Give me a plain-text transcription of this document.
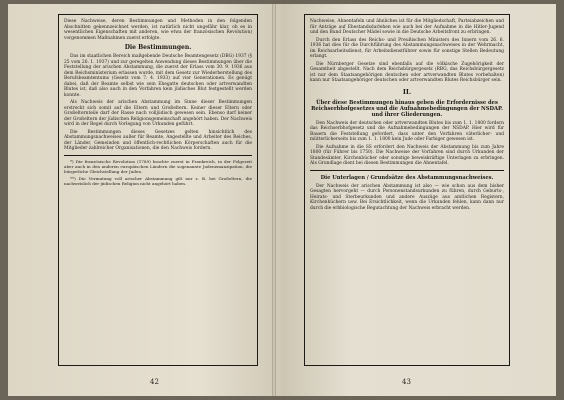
Diese Nachweise, deren Bestimmungen und Methoden in den folgenden Abschnitten gekennzeichnet werden, ist natürlich nicht ungefähr klar, ob es in wesentlichen Eigenschaften mit anderen, wie etwa der französischen Revolution) vorgenommen Maßnahmen zuerst erfolgte.

Die Bestimmungen.

Das im staatlichen Bereich maßgebende Deutsche Beamtengesetz (DBG) 1937 (§ 25 vom 26. 1. 1937) und zur geregelten Anwendung dieses Bestimmungen über die Feststellung der arischen Abstammung, die zuerst der Erlass vom 30. 9. 1936 aus dem Reichsministerium erlassen wurde, mit dem Gesetz zur Wiederherstellung des Berufsbeamtentums (Gesetz vom 7. 4. 1933) auf vier Generationen. Es genügt dabei, daß der Beamte selbst wie sein Ehegatte deutschen oder artverwandten Blutes ist, daß also auch in den Vorfahren kein jüdisches Blut festgestellt werden konnte.

Als Nachweis der arischen Abstammung im Sinne dieser Bestimmungen erstreckt sich somit auf die Eltern und Großeltern. Keiner dieser Eltern oder Großelternteile darf der Rasse nach volljüdisch gewesen sein. Ebenso darf keiner der Großeltern der jüdischen Religionsgemeinschaft angehört haben. Der Nachweis wird in der Regel durch Vorlegung von Urkunden geführt.

Die Bestimmungen dieses Gesetzes gelten hinsichtlich des Abstammungsnachweises außer für Beamte, Angestellte und Arbeiter des Reiches, der Länder, Gemeinden und öffentlich-rechtlichen Körperschaften auch für die Mitglieder zahlreicher Organisationen, die den Nachweis fordern.

*) Die französische Revolution (1789) brachte zuerst in Frankreich, in der Folgezeit aber auch in den anderen europäischen Ländern die sogenannte Judenemanzipation, die bürgerliche Gleichstellung der Juden.

**) Die Vermutung voll arischer Abstammung gilt nur z. B. bei Großeltern, die nachweislich der jüdischen Religion nicht angehört haben.

42

Nachweise, Ahnentafeln und ähnliches ist für die Mitgliedschaft, Parteiabzeichen und für Anträge auf Ehestandsdarlehen wie auch bei der Aufnahme in die Hitler-Jugend und den Bund Deutscher Mädel sowie in die Deutsche Arbeitsfront zu erbringen.

Durch den Erlass des Reichs- und Preußischen Ministers des Innern vom 26. 6. 1936 hat dies für die Durchführung des Abstammungsnachweises in der Wehrmacht, im Reichsarbeitsdienst, für Arbeitsdienstführer sowie für sonstige Stellen Bedeutung erlangt.

Die Nürnberger Gesetze sind ebenfalls auf die völkische Zugehörigkeit der Gesamtheit abgestellt. Nach dem Reichsbürgergesetz (RBG, das Reichsbürgergesetz ist nur dem Staatsangehörigen deutschen oder artverwandten Blutes vorbehalten) kann nur Staatsangehöriger deutschen oder artverwandten Blutes Reichsbürger sein.

II.
Über diese Bestimmungen hinaus geben die Erfordernisse des Reichserbhofgesetzes und die Aufnahmebedingungen der NSDAP. und ihrer Gliederungen.

Den Nachweis der deutschen oder artverwandten Blutes bis zum 1. 1. 1800 fordern das Reichserbhofgesetz und die Aufnahmebedingungen der NSDAP. Hier wird für Bauern die Feststellung gefordert, dass unter den Vorfahren väterlicher- und mütterlicherseits bis zum 1. 1. 1800 kein Jude oder Farbiger gewesen ist.

Die Aufnahme in die SS erfordert den Nachweis der Abstammung bis zum Jahre 1800 (für Führer bis 1750). Die Nachweise der Vorfahren sind durch Urkunden der Standesämter, Kirchenbücher oder sonstige beweiskräftige Unterlagen zu erbringen. Als Grundlage dient bei diesen Bestimmungen die Ahnentafel.

Die Unterlagen / Grundsätze des Abstammungsnachweises.

Der Nachweis der arischen Abstammung ist also — wie schon aus dem bisher Gesagten hervorgeht — durch Personenstandsurkunden zu führen, durch Geburts-, Heirats- und Sterbeurkunden und andere Auszüge aus amtlichen Registern, Kirchenbüchern usw. Bei Ersichtlichkeit, wenn die Urkunden fehlen, kann dann nur durch die erbbiologische Begutachtung der Nachweis erbracht werden.

43
